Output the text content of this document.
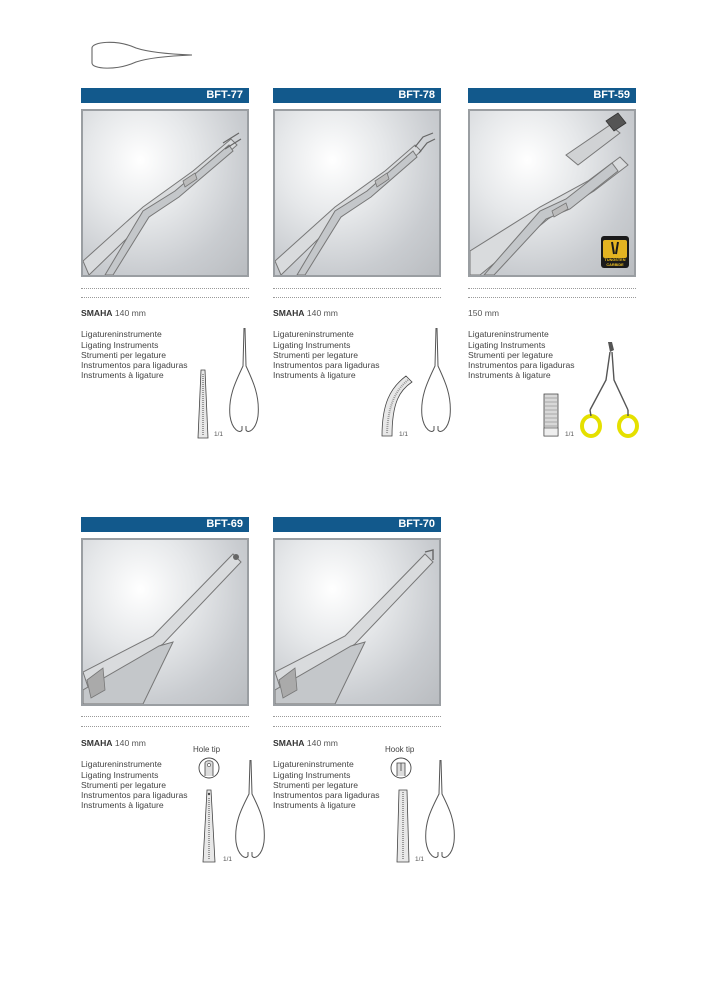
BFT-77
SMAHA 140 mm
Ligatureninstrumente
Ligating Instruments
Strumenti per legature
Instrumentos para ligaduras
Instruments à ligature
1/1
BFT-78
SMAHA 140 mm
Ligatureninstrumente
Ligating Instruments
Strumenti per legature
Instrumentos para ligaduras
Instruments à ligature
1/1
BFT-59
TUNGSTEN
CARBIDE
150 mm
Ligatureninstrumente
Ligating Instruments
Strumenti per legature
Instrumentos para ligaduras
Instruments à ligature
1/1
BFT-69
SMAHA 140 mm
Ligatureninstrumente
Ligating Instruments
Strumenti per legature
Instrumentos para ligaduras
Instruments à ligature
Hole tip
1/1
BFT-70
SMAHA 140 mm
Ligatureninstrumente
Ligating Instruments
Strumenti per legature
Instrumentos para ligaduras
Instruments à ligature
Hook tip
1/1
